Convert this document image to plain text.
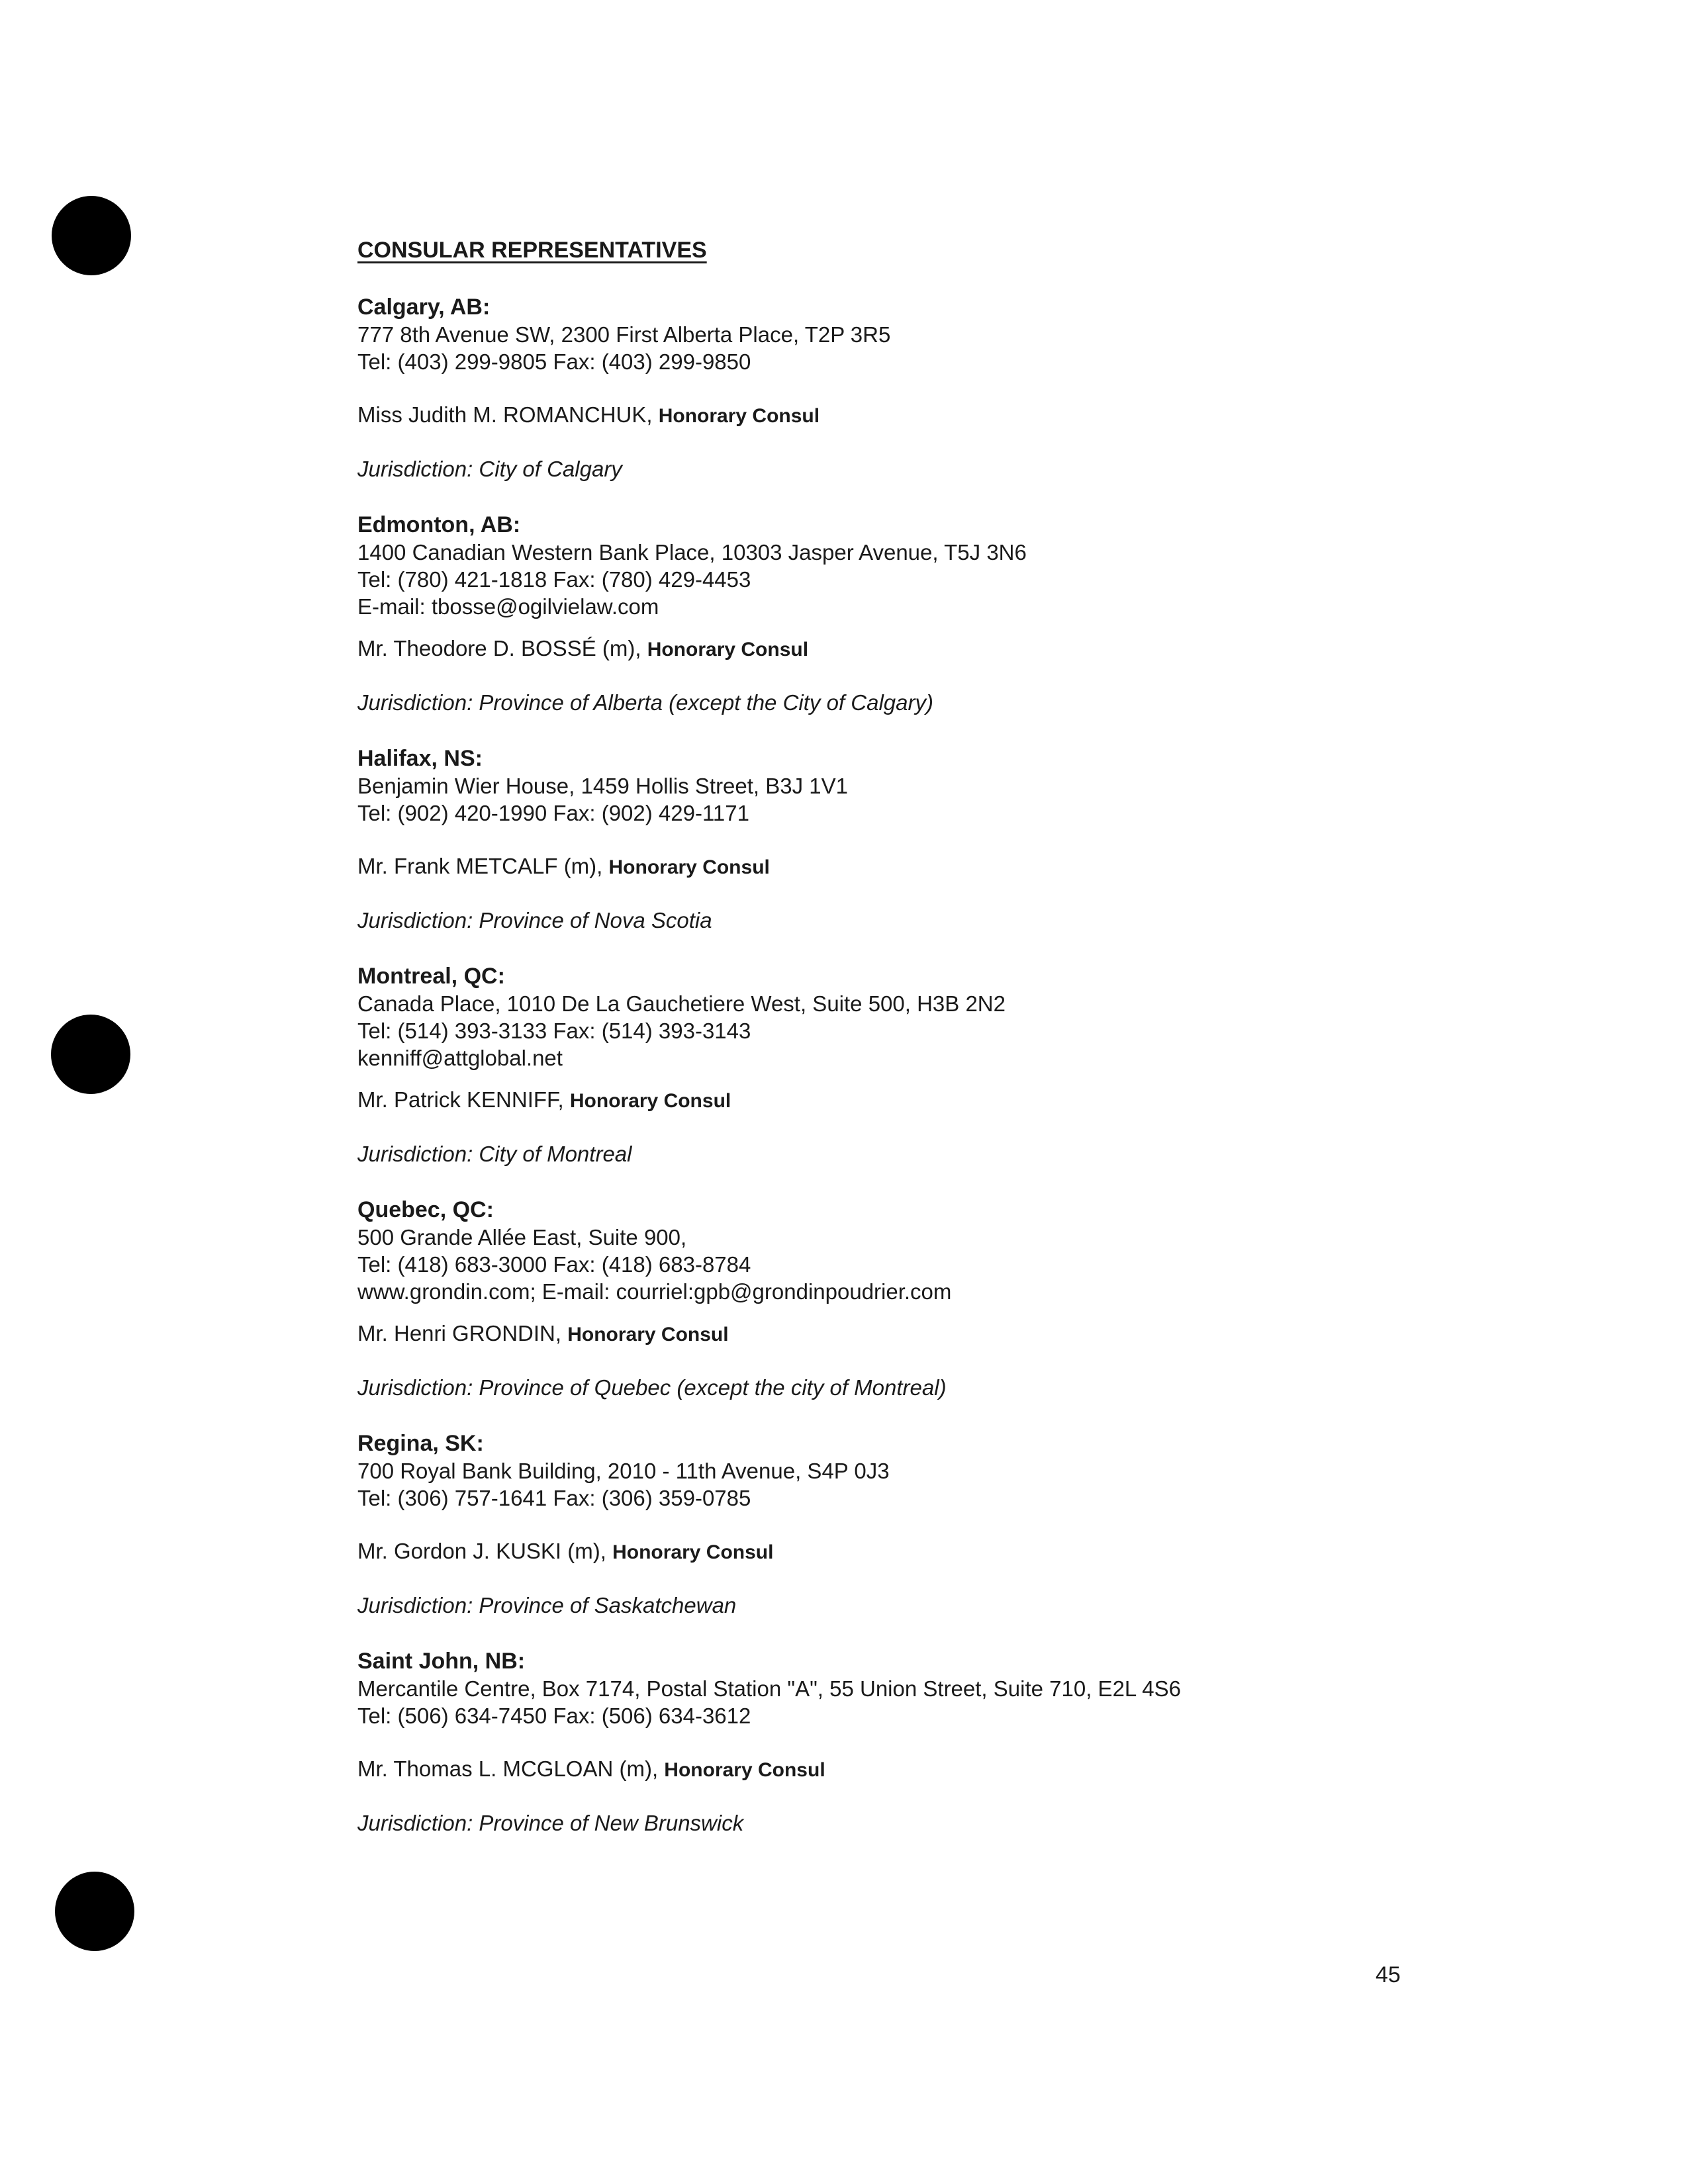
CONSULAR REPRESENTATIVES
Calgary, AB:
777 8th Avenue SW, 2300 First Alberta Place, T2P 3R5
Tel: (403) 299-9805 Fax: (403) 299-9850
Miss Judith M. ROMANCHUK, Honorary Consul
Jurisdiction: City of Calgary
Edmonton, AB:
1400 Canadian Western Bank Place, 10303 Jasper Avenue, T5J 3N6
Tel: (780) 421-1818 Fax: (780) 429-4453
E-mail: tbosse@ogilvielaw.com
Mr. Theodore D. BOSSÉ (m), Honorary Consul
Jurisdiction: Province of Alberta (except the City of Calgary)
Halifax, NS:
Benjamin Wier House, 1459 Hollis Street, B3J 1V1
Tel: (902) 420-1990 Fax: (902) 429-1171
Mr. Frank METCALF (m), Honorary Consul
Jurisdiction: Province of Nova Scotia
Montreal, QC:
Canada Place, 1010 De La Gauchetiere West, Suite 500, H3B 2N2
Tel: (514) 393-3133 Fax: (514) 393-3143
kenniff@attglobal.net
Mr. Patrick KENNIFF, Honorary Consul
Jurisdiction: City of Montreal
Quebec, QC:
500 Grande Allée East, Suite 900,
Tel: (418) 683-3000 Fax: (418) 683-8784
www.grondin.com; E-mail: courriel:gpb@grondinpoudrier.com
Mr. Henri GRONDIN, Honorary Consul
Jurisdiction: Province of Quebec (except the city of Montreal)
Regina, SK:
700 Royal Bank Building, 2010 - 11th Avenue, S4P 0J3
Tel: (306) 757-1641 Fax: (306) 359-0785
Mr. Gordon J. KUSKI (m), Honorary Consul
Jurisdiction: Province of Saskatchewan
Saint John, NB:
Mercantile Centre, Box 7174, Postal Station "A", 55 Union Street, Suite 710, E2L 4S6
Tel: (506) 634-7450 Fax: (506) 634-3612
Mr. Thomas L. MCGLOAN (m), Honorary Consul
Jurisdiction: Province of New Brunswick
45
